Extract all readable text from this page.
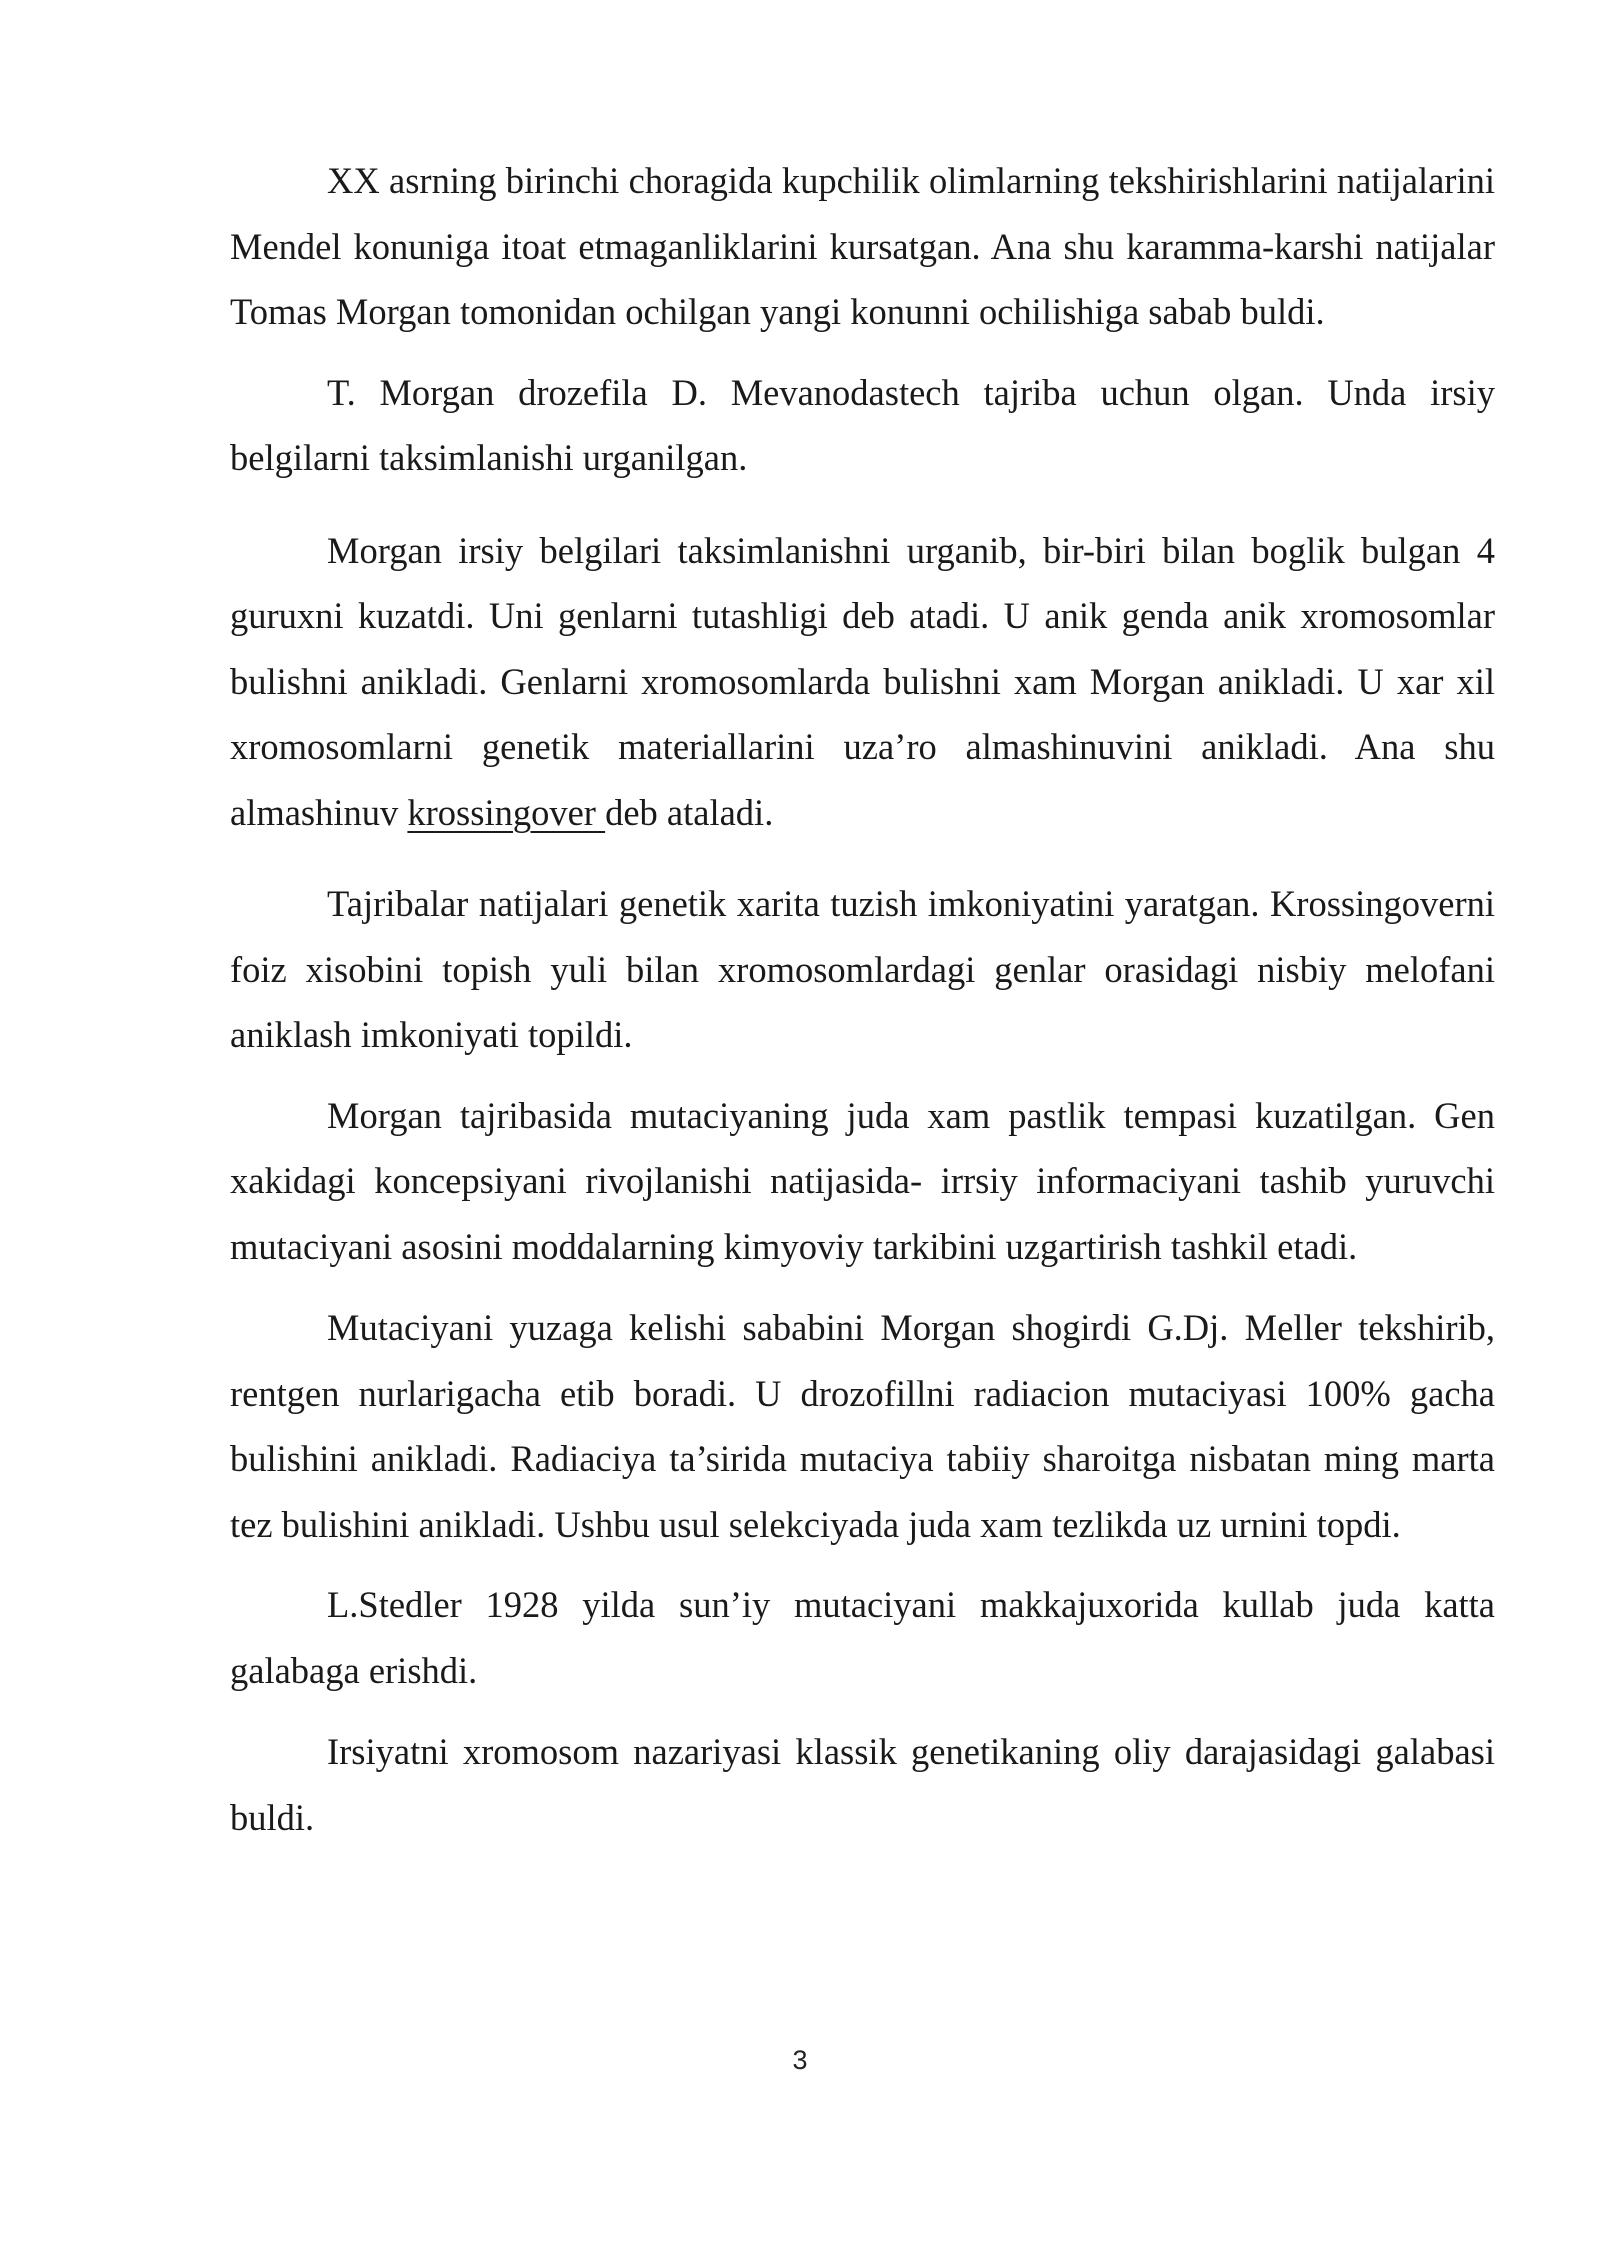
XX asrning birinchi choragida kupchilik olimlarning tekshirishlarini natijalarini Mendel konuniga itoat etmaganliklarini kursatgan. Ana shu karamma-karshi natijalar Tomas Morgan tomonidan ochilgan yangi konunni ochilishiga sabab buldi.

T. Morgan drozefila D. Mevanodastech tajriba uchun olgan. Unda irsiy belgilarni taksimlanishi urganilgan.

Morgan irsiy belgilari taksimlanishni urganib, bir-biri bilan boglik bulgan 4 guruxni kuzatdi. Uni genlarni tutashligi deb atadi. U anik genda anik xromosomlar bulishni anikladi. Genlarni xromosomlarda bulishni xam Morgan anikladi. U xar xil xromosomlarni genetik materiallarini uza’ro almashinuvini anikladi. Ana shu almashinuv krossingover deb ataladi.

Tajribalar natijalari genetik xarita tuzish imkoniyatini yaratgan. Krossingoverni foiz xisobini topish yuli bilan xromosomlardagi genlar orasidagi nisbiy melofani aniklash imkoniyati topildi.

Morgan tajribasida mutaciyaning juda xam pastlik tempasi kuzatilgan. Gen xakidagi koncepsiyani rivojlanishi natijasida- irrsiy informaciyani tashib yuruvchi mutaciyani asosini moddalarning kimyoviy tarkibini uzgartirish tashkil etadi.

Mutaciyani yuzaga kelishi sababini Morgan shogirdi G.Dj. Meller tekshirib, rentgen nurlarigacha etib boradi. U drozofillni radiacion mutaciyasi 100% gacha bulishini anikladi. Radiaciya ta’sirida mutaciya tabiiy sharoitga nisbatan ming marta tez bulishini anikladi. Ushbu usul selekciyada juda xam tezlikda uz urnini topdi.

L.Stedler 1928 yilda sun’iy mutaciyani makkajuxorida kullab juda katta galabaga erishdi.

Irsiyatni xromosom nazariyasi klassik genetikaning oliy darajasidagi galabasi buldi.

3
